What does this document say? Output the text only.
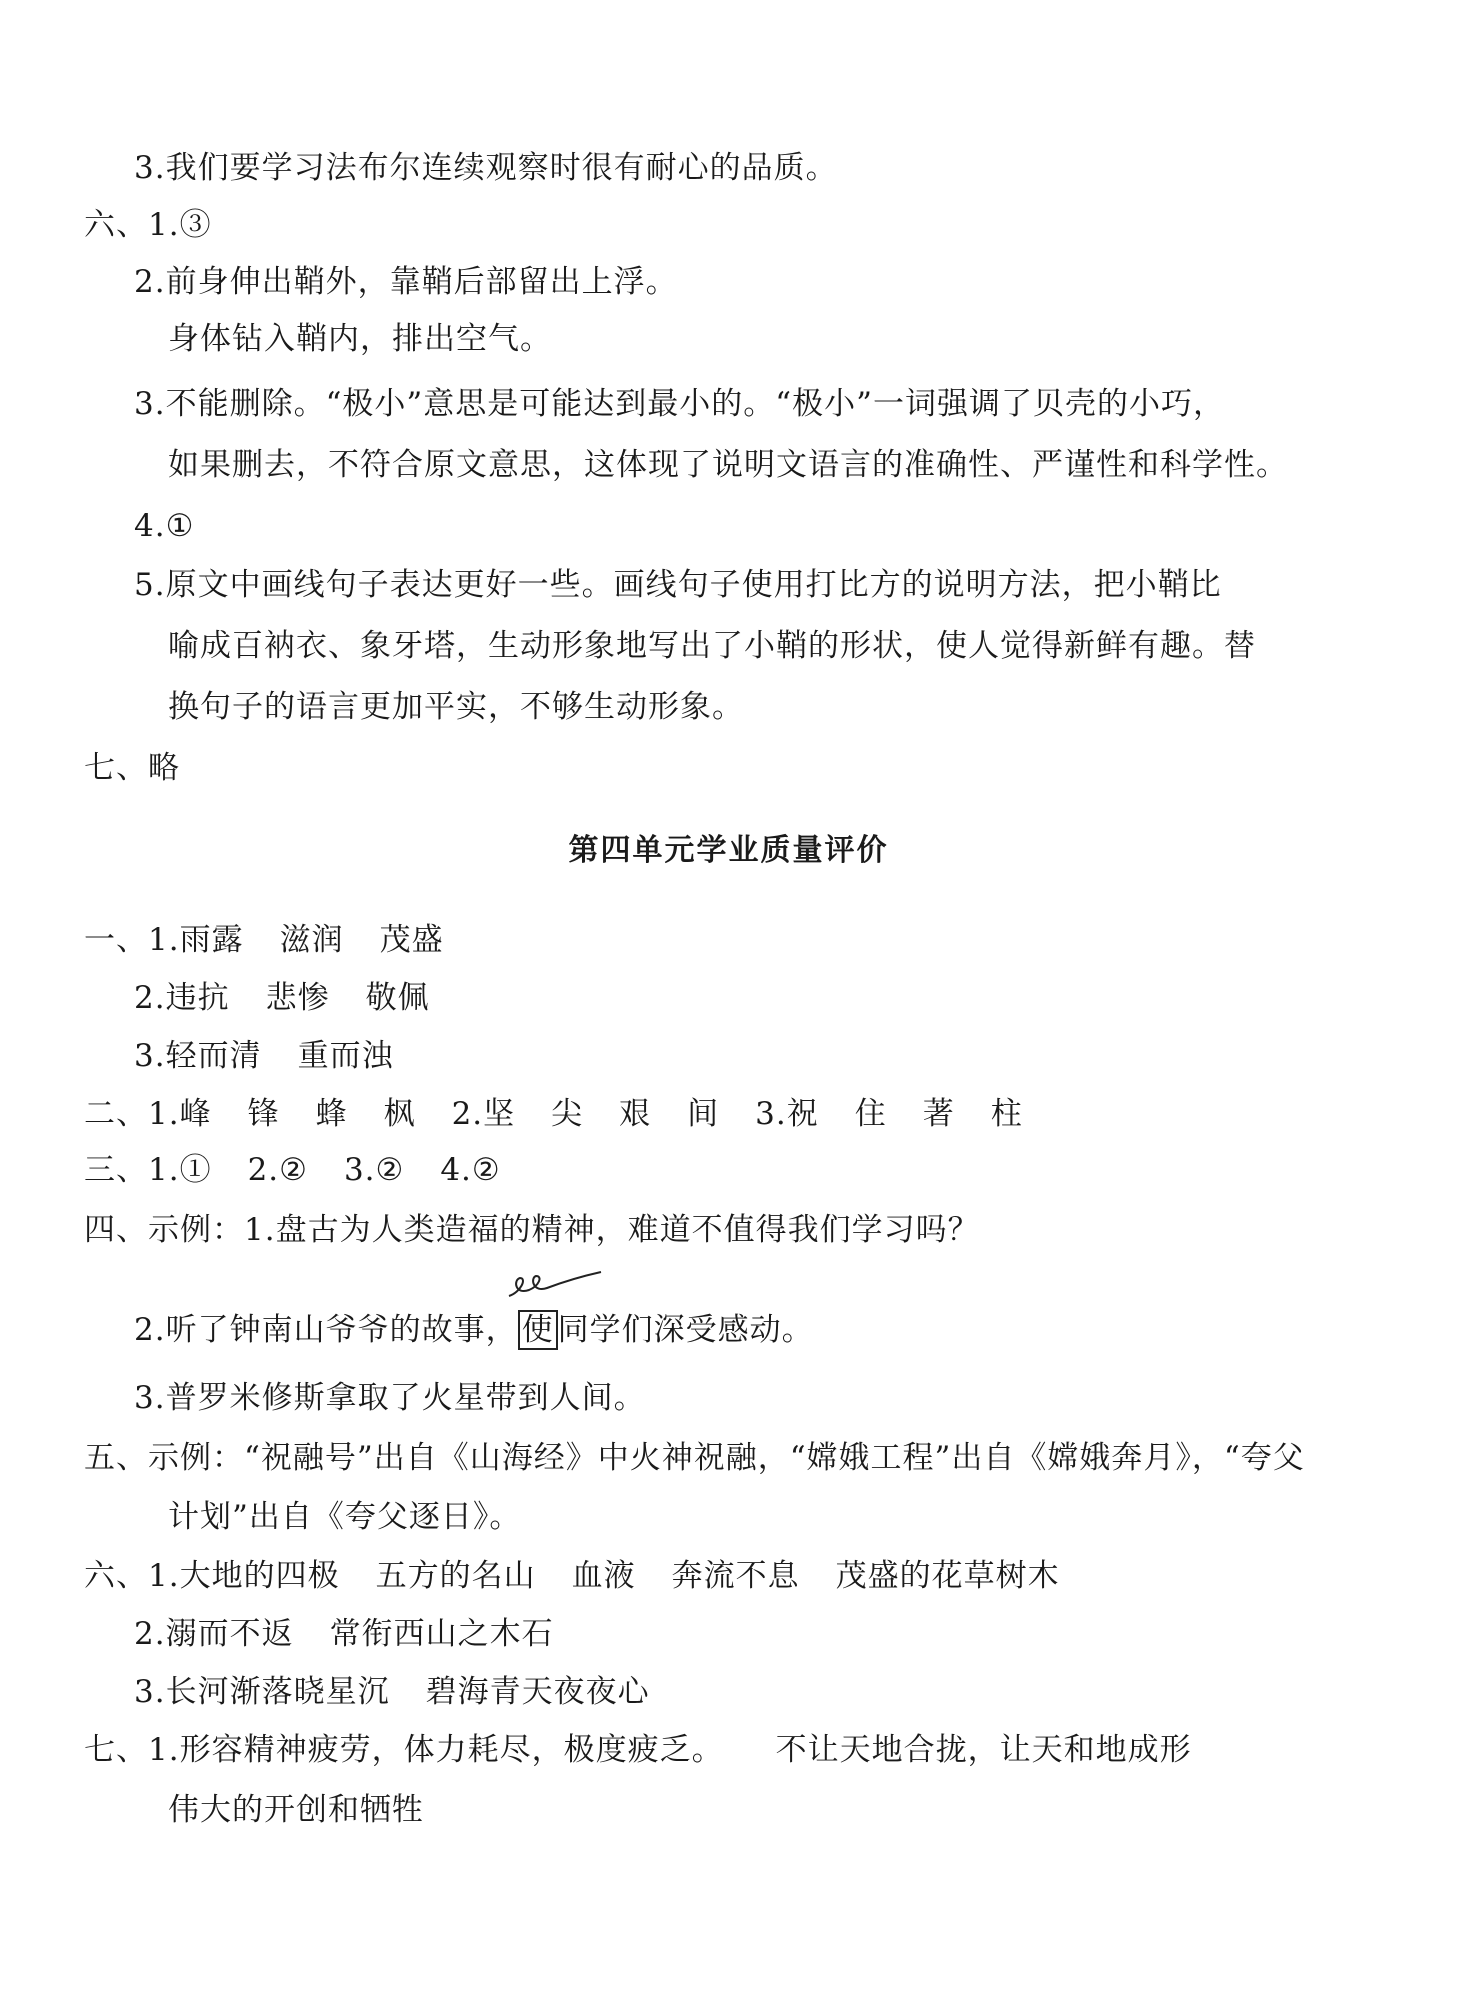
3.我们要学习法布尔连续观察时很有耐心的品质。
六、1.③
2.前身伸出鞘外，靠鞘后部留出上浮。
身体钻入鞘内，排出空气。
3.不能删除。“极小”意思是可能达到最小的。“极小”一词强调了贝壳的小巧，
如果删去，不符合原文意思，这体现了说明文语言的准确性、严谨性和科学性。
4.①
5.原文中画线句子表达更好一些。画线句子使用打比方的说明方法，把小鞘比
喻成百衲衣、象牙塔，生动形象地写出了小鞘的形状，使人觉得新鲜有趣。替
换句子的语言更加平实，不够生动形象。
七、略
第四单元学业质量评价
一、1.雨露 滋润 茂盛
2.违抗 悲惨 敬佩
3.轻而清 重而浊
二、1.峰 锋 蜂 枫 2.坚 尖 艰 间 3.祝 住 著 柱
三、1.① 2.② 3.② 4.②
四、示例：1.盘古为人类造福的精神，难道不值得我们学习吗？
2.听了钟南山爷爷的故事， 使 同学们深受感动。
3.普罗米修斯拿取了火星带到人间。
五、示例：“祝融号”出自《山海经》中火神祝融，“嫦娥工程”出自《嫦娥奔月》，“夸父
计划”出自《夸父逐日》。
六、1.大地的四极 五方的名山 血液 奔流不息 茂盛的花草树木
2.溺而不返 常衔西山之木石
3.长河渐落晓星沉 碧海青天夜夜心
七、1.形容精神疲劳，体力耗尽，极度疲乏。 不让天地合拢，让天和地成形
伟大的开创和牺牲
